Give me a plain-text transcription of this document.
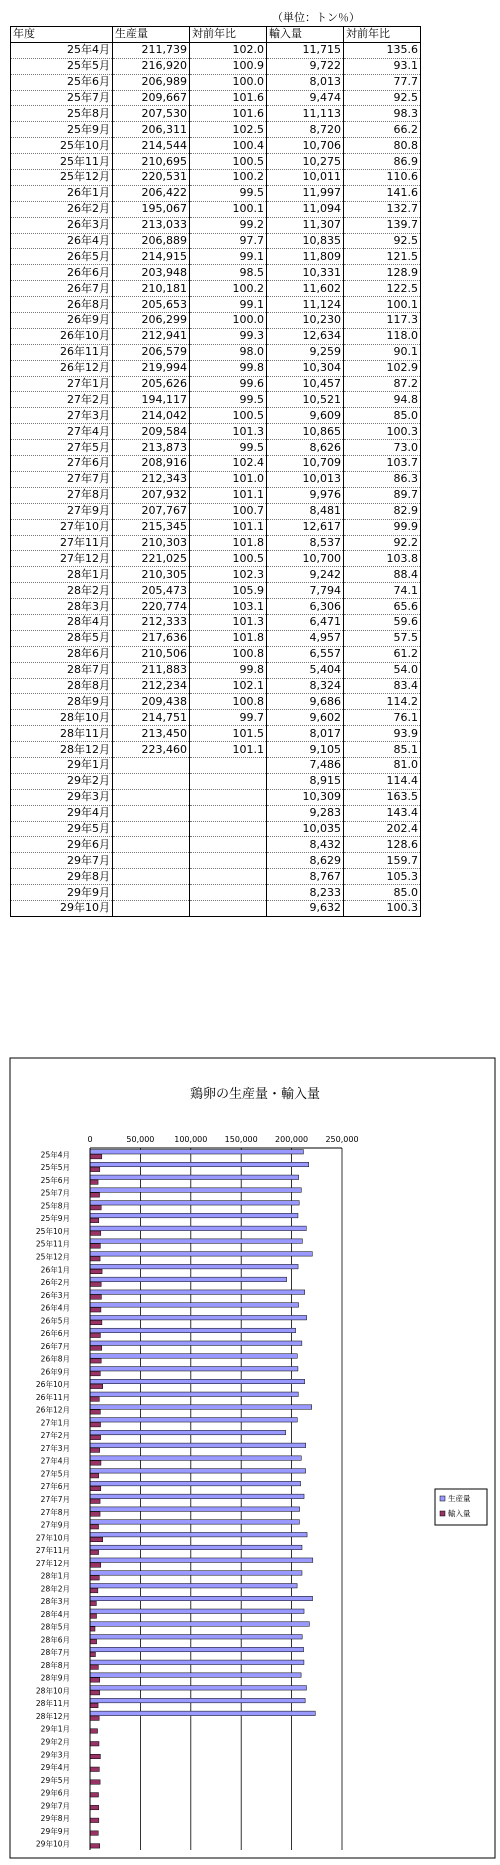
（単位：トン％）
年度	生産量	対前年比	輸入量	対前年比
25年4月	211,739	102.0	11,715	135.6
25年5月	216,920	100.9	9,722	93.1
25年6月	206,989	100.0	8,013	77.7
25年7月	209,667	101.6	9,474	92.5
25年8月	207,530	101.6	11,113	98.3
25年9月	206,311	102.5	8,720	66.2
25年10月	214,544	100.4	10,706	80.8
25年11月	210,695	100.5	10,275	86.9
25年12月	220,531	100.2	10,011	110.6
26年1月	206,422	99.5	11,997	141.6
26年2月	195,067	100.1	11,094	132.7
26年3月	213,033	99.2	11,307	139.7
26年4月	206,889	97.7	10,835	92.5
26年5月	214,915	99.1	11,809	121.5
26年6月	203,948	98.5	10,331	128.9
26年7月	210,181	100.2	11,602	122.5
26年8月	205,653	99.1	11,124	100.1
26年9月	206,299	100.0	10,230	117.3
26年10月	212,941	99.3	12,634	118.0
26年11月	206,579	98.0	9,259	90.1
26年12月	219,994	99.8	10,304	102.9
27年1月	205,626	99.6	10,457	87.2
27年2月	194,117	99.5	10,521	94.8
27年3月	214,042	100.5	9,609	85.0
27年4月	209,584	101.3	10,865	100.3
27年5月	213,873	99.5	8,626	73.0
27年6月	208,916	102.4	10,709	103.7
27年7月	212,343	101.0	10,013	86.3
27年8月	207,932	101.1	9,976	89.7
27年9月	207,767	100.7	8,481	82.9
27年10月	215,345	101.1	12,617	99.9
27年11月	210,303	101.8	8,537	92.2
27年12月	221,025	100.5	10,700	103.8
28年1月	210,305	102.3	9,242	88.4
28年2月	205,473	105.9	7,794	74.1
28年3月	220,774	103.1	6,306	65.6
28年4月	212,333	101.3	6,471	59.6
28年5月	217,636	101.8	4,957	57.5
28年6月	210,506	100.8	6,557	61.2
28年7月	211,883	99.8	5,404	54.0
28年8月	212,234	102.1	8,324	83.4
28年9月	209,438	100.8	9,686	114.2
28年10月	214,751	99.7	9,602	76.1
28年11月	213,450	101.5	8,017	93.9
28年12月	223,460	101.1	9,105	85.1
29年1月			7,486	81.0
29年2月			8,915	114.4
29年3月			10,309	163.5
29年4月			9,283	143.4
29年5月			10,035	202.4
29年6月			8,432	128.6
29年7月			8,629	159.7
29年8月			8,767	105.3
29年9月			8,233	85.0
29年10月			9,632	100.3
鶏卵の生産量・輸入量
0	50,000 100,000 150,000 200,000 250,000
25年4月
25年5月
25年6月
25年7月
25年8月
25年9月
25年10月
25年11月
25年12月
26年1月
26年2月
26年3月
26年4月
26年5月
26年6月
26年7月
26年8月
26年9月
26年10月
26年11月
26年12月
27年1月
27年2月
27年3月
27年4月
27年5月
27年6月
27年7月
27年8月
27年9月
27年10月
27年11月
27年12月
28年1月
28年2月
28年3月
28年4月
28年5月
28年6月
28年7月
28年8月
28年9月
28年10月
28年11月
28年12月
29年1月
29年2月
29年3月
29年4月
29年5月
29年6月
29年7月
29年8月
29年9月
29年10月
生産量
輸入量
